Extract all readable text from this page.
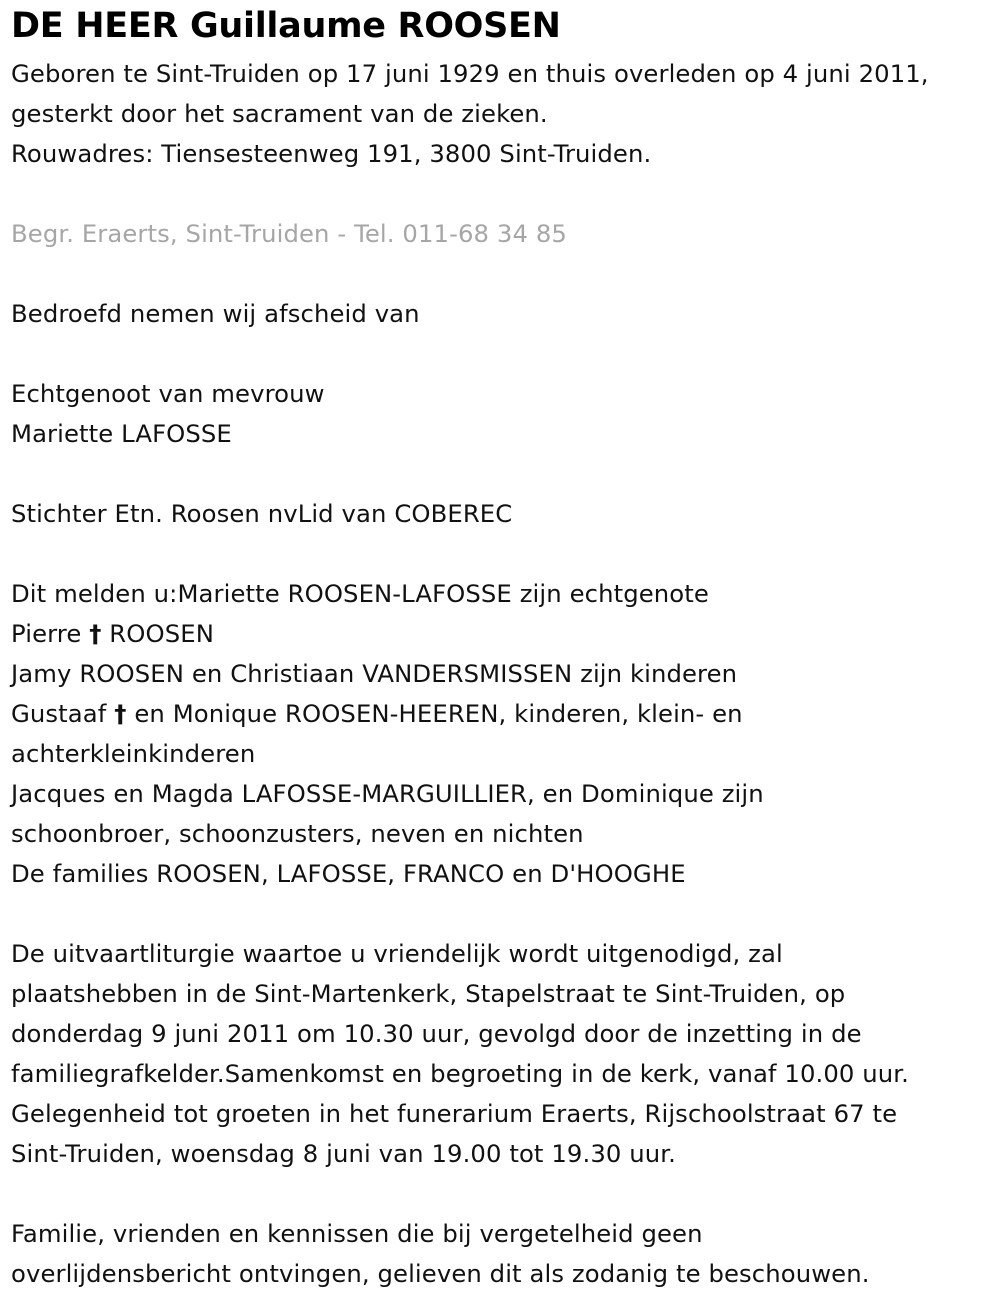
DE HEER Guillaume ROOSEN
Geboren te Sint-Truiden op 17 juni 1929 en thuis overleden op 4 juni 2011,
gesterkt door het sacrament van de zieken.
Rouwadres: Tiensesteenweg 191, 3800 Sint-Truiden.
Begr. Eraerts, Sint-Truiden - Tel. 011-68 34 85
Bedroefd nemen wij afscheid van
Echtgenoot van mevrouw
Mariette LAFOSSE
Stichter Etn. Roosen nvLid van COBEREC
Dit melden u:Mariette ROOSEN-LAFOSSE zijn echtgenote
Pierre † ROOSEN
Jamy ROOSEN en Christiaan VANDERSMISSEN zijn kinderen
Gustaaf † en Monique ROOSEN-HEEREN, kinderen, klein- en
achterkleinkinderen
Jacques en Magda LAFOSSE-MARGUILLIER, en Dominique zijn
schoonbroer, schoonzusters, neven en nichten
De families ROOSEN, LAFOSSE, FRANCO en D'HOOGHE
De uitvaartliturgie waartoe u vriendelijk wordt uitgenodigd, zal
plaatshebben in de Sint-Martenkerk, Stapelstraat te Sint-Truiden, op
donderdag 9 juni 2011 om 10.30 uur, gevolgd door de inzetting in de
familiegrafkelder.Samenkomst en begroeting in de kerk, vanaf 10.00 uur.
Gelegenheid tot groeten in het funerarium Eraerts, Rijschoolstraat 67 te
Sint-Truiden, woensdag 8 juni van 19.00 tot 19.30 uur.
Familie, vrienden en kennissen die bij vergetelheid geen
overlijdensbericht ontvingen, gelieven dit als zodanig te beschouwen.
